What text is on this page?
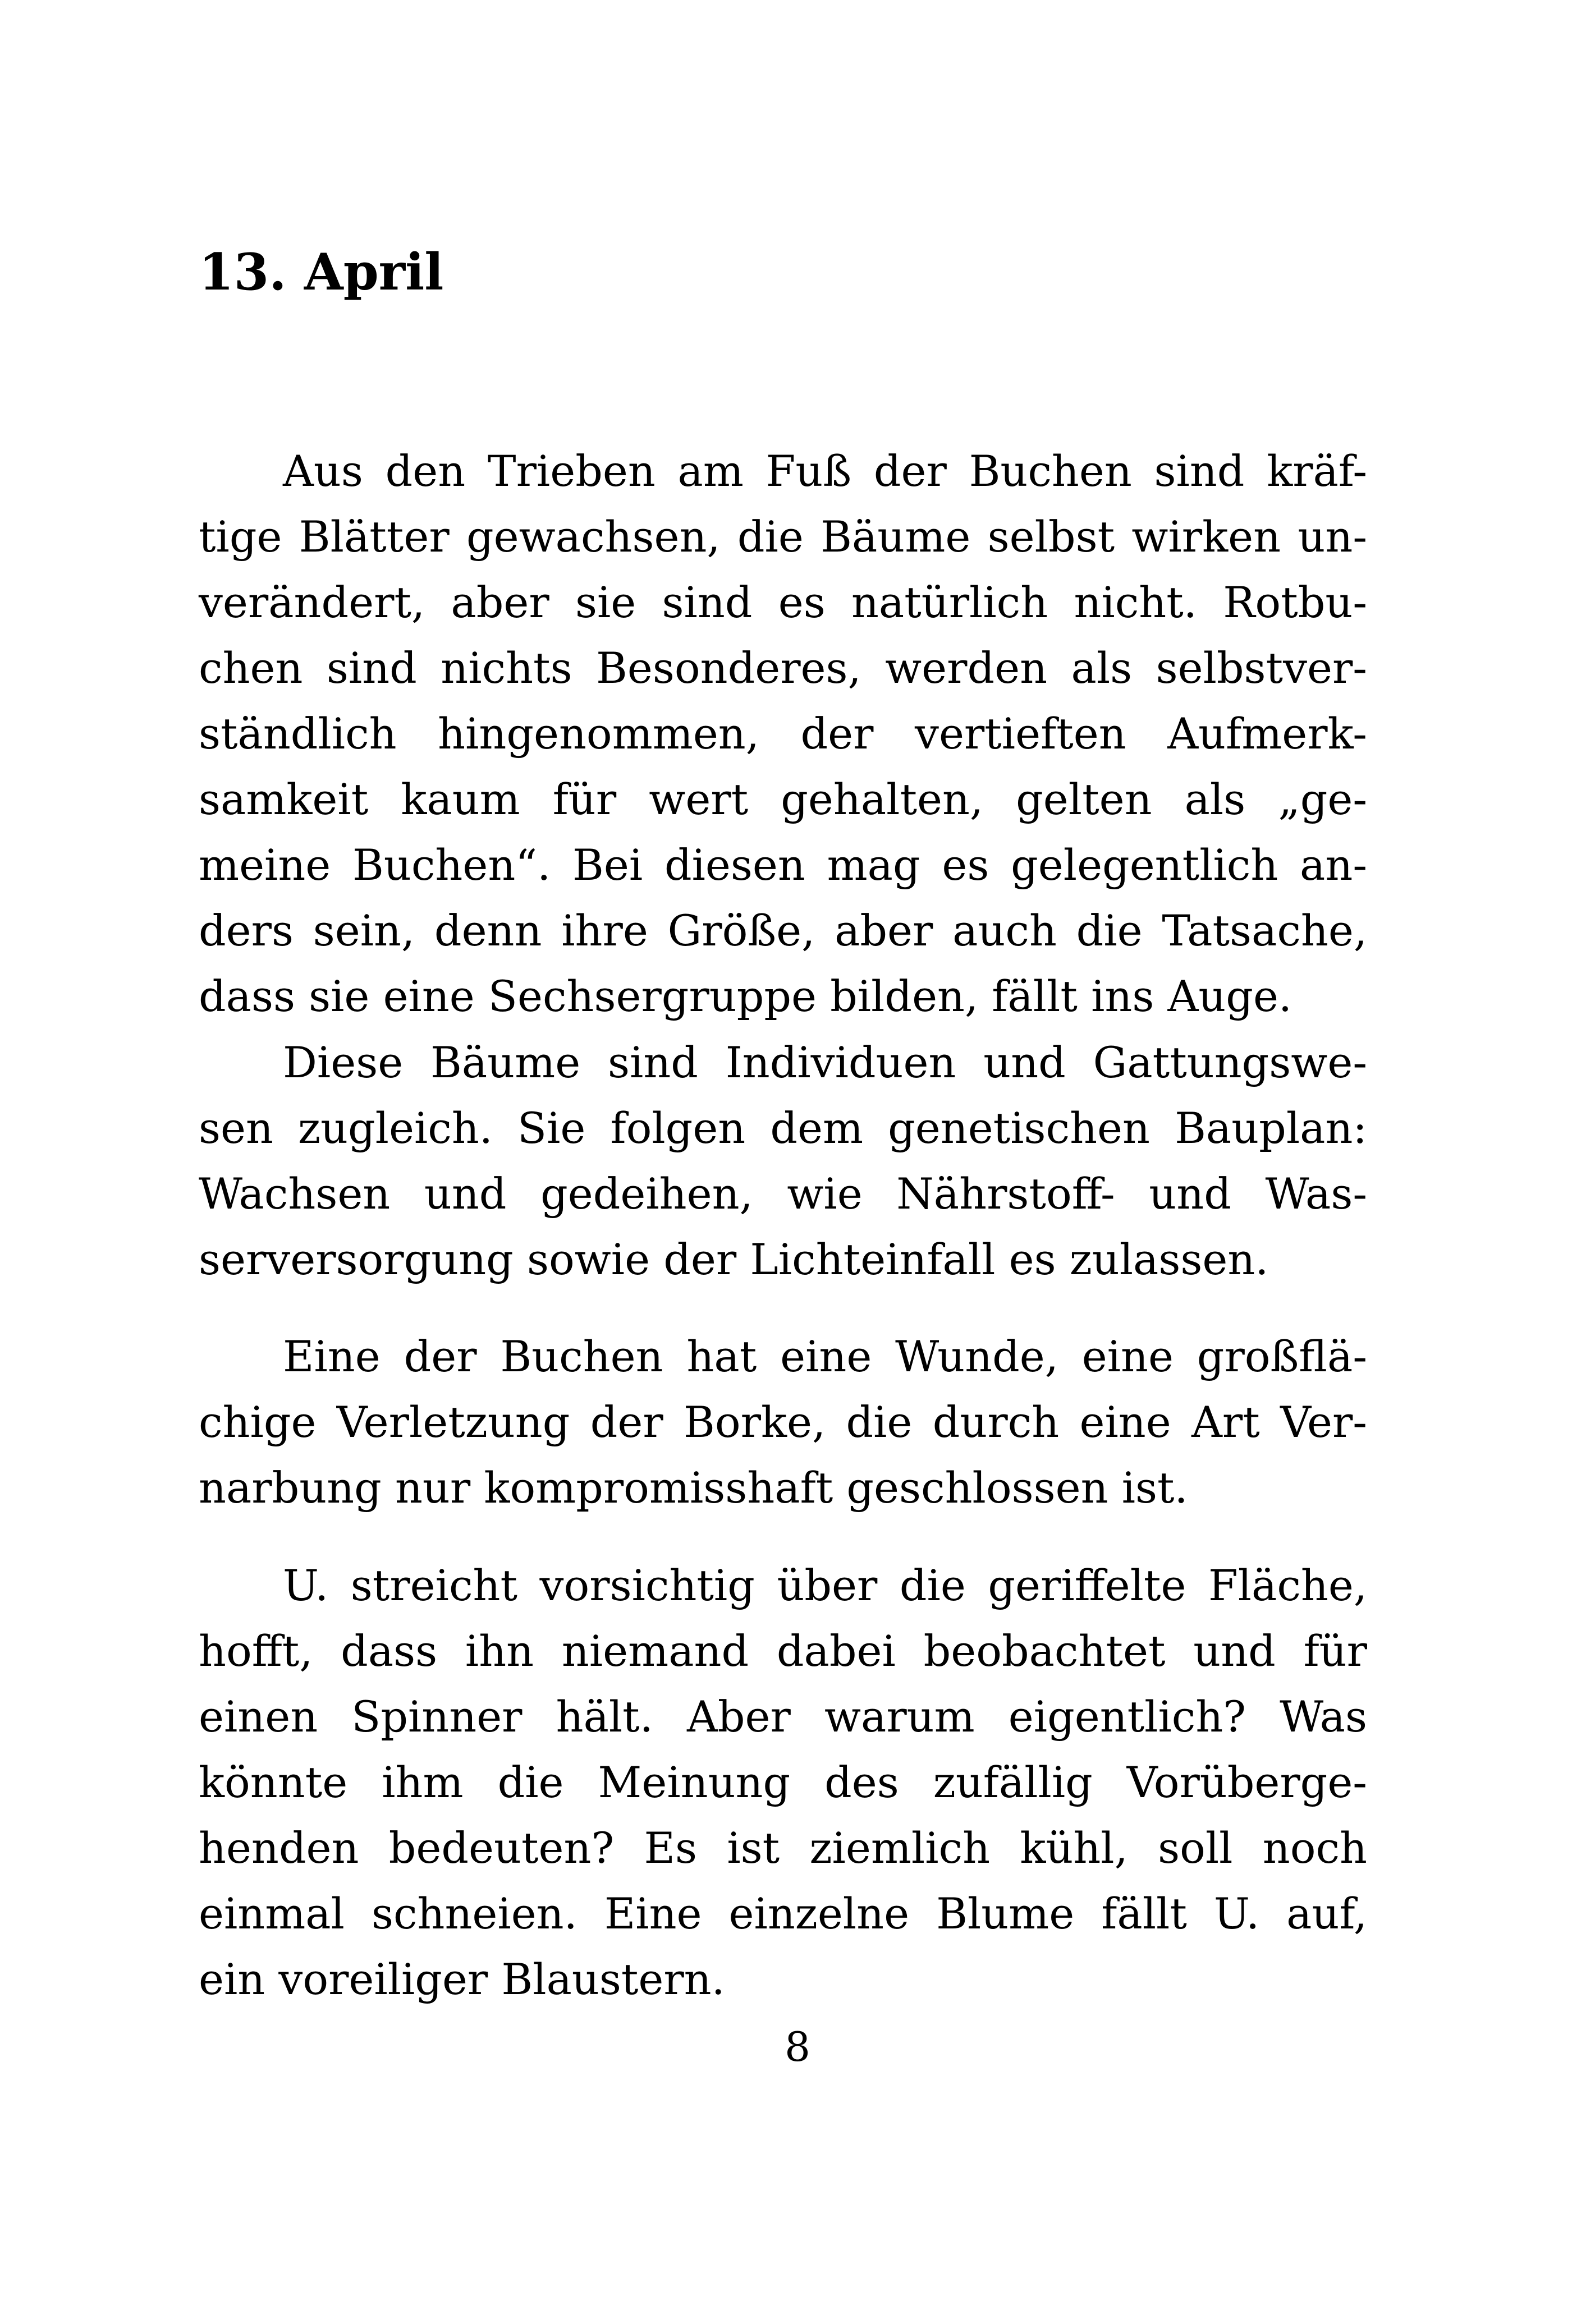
13. April
Aus den Trieben am Fuß der Buchen sind kräf-
tige Blätter gewachsen, die Bäume selbst wirken un-
verändert, aber sie sind es natürlich nicht. Rotbu-
chen sind nichts Besonderes, werden als selbstver-
ständlich hingenommen, der vertieften Aufmerk-
samkeit kaum für wert gehalten, gelten als „ge-
meine Buchen“. Bei diesen mag es gelegentlich an-
ders sein, denn ihre Größe, aber auch die Tatsache,
dass sie eine Sechsergruppe bilden, fällt ins Auge.
Diese Bäume sind Individuen und Gattungswe-
sen zugleich. Sie folgen dem genetischen Bauplan:
Wachsen und gedeihen, wie Nährstoff- und Was-
serversorgung sowie der Lichteinfall es zulassen.
Eine der Buchen hat eine Wunde, eine großflä-
chige Verletzung der Borke, die durch eine Art Ver-
narbung nur kompromisshaft geschlossen ist.
U. streicht vorsichtig über die geriffelte Fläche,
hofft, dass ihn niemand dabei beobachtet und für
einen Spinner hält. Aber warum eigentlich? Was
könnte ihm die Meinung des zufällig Vorüberge-
henden bedeuten? Es ist ziemlich kühl, soll noch
einmal schneien. Eine einzelne Blume fällt U. auf,
ein voreiliger Blaustern.
8
